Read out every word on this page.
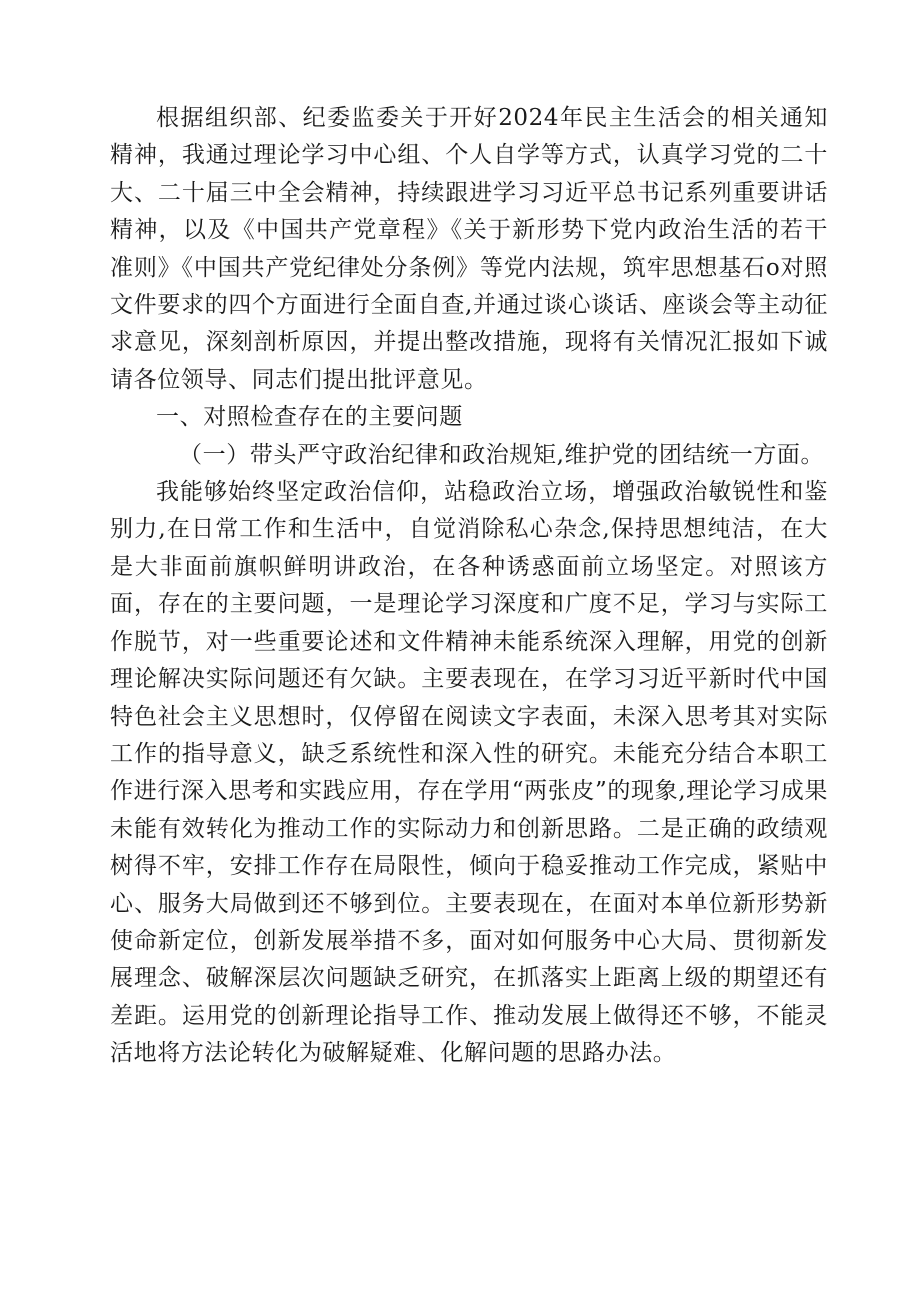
根据组织部、纪委监委关于开好2024年民主生活会的相关通知精神，我通过理论学习中心组、个人自学等方式，认真学习党的二十大、二十届三中全会精神，持续跟进学习习近平总书记系列重要讲话精神，以及《中国共产党章程》《关于新形势下党内政治生活的若干准则》《中国共产党纪律处分条例》等党内法规，筑牢思想基石o对照文件要求的四个方面进行全面自查,并通过谈心谈话、座谈会等主动征求意见，深刻剖析原因，并提出整改措施，现将有关情况汇报如下诚请各位领导、同志们提出批评意见。

一、对照检查存在的主要问题

（一）带头严守政治纪律和政治规矩,维护党的团结统一方面。

我能够始终坚定政治信仰，站稳政治立场，增强政治敏锐性和鉴别力,在日常工作和生活中，自觉消除私心杂念,保持思想纯洁，在大是大非面前旗帜鲜明讲政治，在各种诱惑面前立场坚定。对照该方面，存在的主要问题，一是理论学习深度和广度不足，学习与实际工作脱节，对一些重要论述和文件精神未能系统深入理解，用党的创新理论解决实际问题还有欠缺。主要表现在，在学习习近平新时代中国特色社会主义思想时，仅停留在阅读文字表面，未深入思考其对实际工作的指导意义，缺乏系统性和深入性的研究。未能充分结合本职工作进行深入思考和实践应用，存在学用“两张皮”的现象,理论学习成果未能有效转化为推动工作的实际动力和创新思路。二是正确的政绩观树得不牢，安排工作存在局限性，倾向于稳妥推动工作完成，紧贴中心、服务大局做到还不够到位。主要表现在，在面对本单位新形势新使命新定位，创新发展举措不多，面对如何服务中心大局、贯彻新发展理念、破解深层次问题缺乏研究，在抓落实上距离上级的期望还有差距。运用党的创新理论指导工作、推动发展上做得还不够，不能灵活地将方法论转化为破解疑难、化解问题的思路办法。
